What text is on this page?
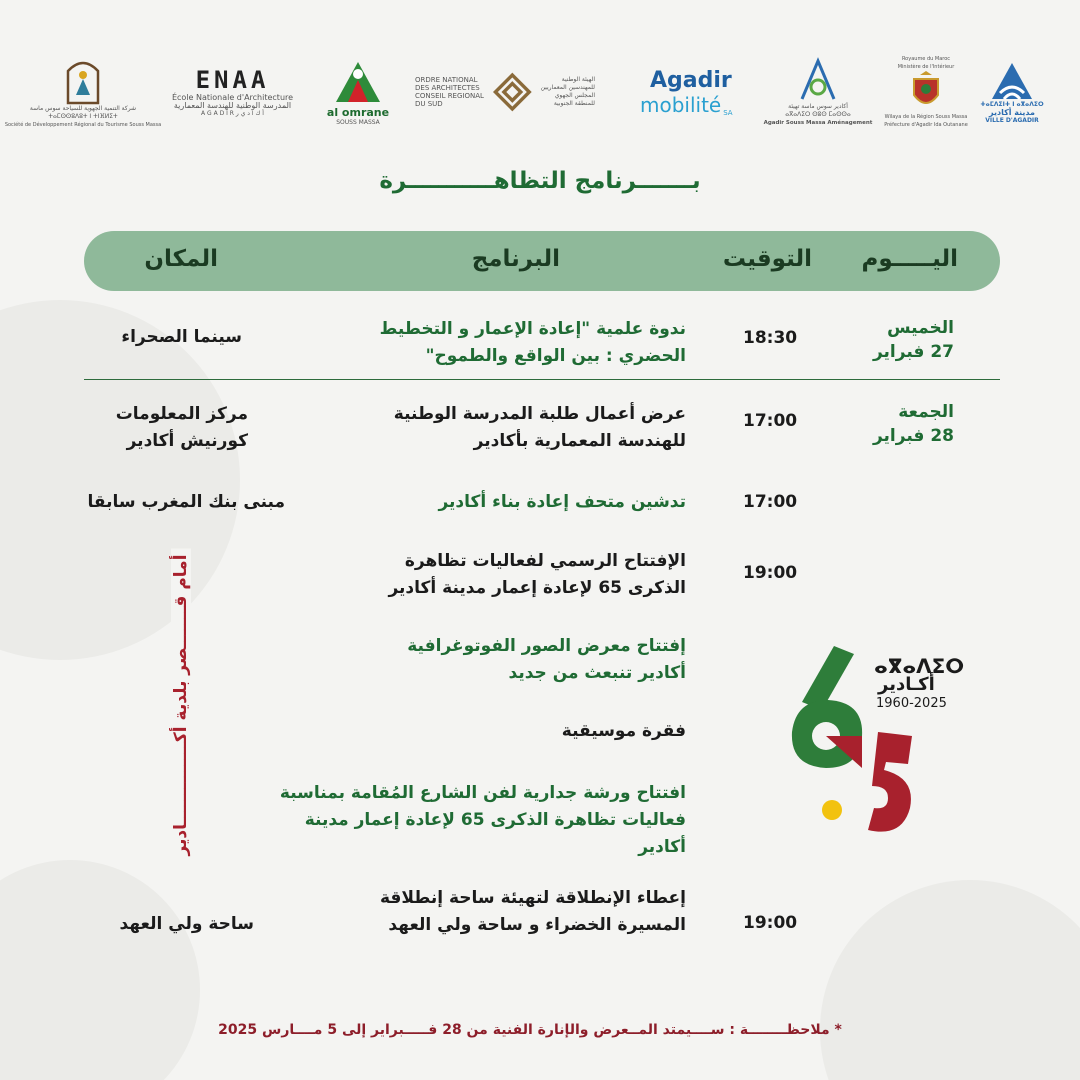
شركة التنمية الجهوية للسياحة سوس ماسة
ⵜⴰⵎⵙⵙⵓⴷⵓⵜ ⵏ ⵜⵏⴼⵍⵉⵜ
Société de Développement Régional du Tourisme Souss Massa
ENAA
École Nationale d'Architecture
المدرسة الوطنية للهندسة المعمارية
A G A D I R أ ك ا د ي ر	al omrane
SOUSS MASSA
ORDRE NATIONAL
DES ARCHITECTES
CONSEIL REGIONAL
DU SUD
الهيئة الوطنية
للمهندسين المعماريين
المجلس الجهوي
للمنطقة الجنوبية
Agadir
mobilité SA
أكادير سوس ماسة تهيئة
ⴰⴳⴰⴷⵉⵔ ⵙⵓⵙ ⵎⴰⵙⵙⴰ
Agadir Souss Massa Aménagement
Royaume du Maroc
Ministère de l'Intérieur
Wilaya de la Région Souss Massa
Préfecture d'Agadir Ida Outanane
ⵜⴰⵎⴷⵉⵏⵜ ⵏ ⴰⴳⴰⴷⵉⵔ
مدينة أكادير
VILLE D'AGADIR
بـــــــرنامج التظاهـــــــــــرة
اليـــــوم
التوقيت
البرنامج
المكان
الخميس
27 فبراير
18:30
ندوة علمية "إعادة الإعمار و التخطيط
الحضري : بين الواقع والطموح"
سينما الصحراء
الجمعة
28 فبراير
17:00
عرض أعمال طلبة المدرسة الوطنية
للهندسة المعمارية بأكادير
مركز المعلومات
كورنيش أكادير
17:00
تدشين متحف إعادة بناء أكادير
مبنى بنك المغرب سابقا
19:00
الإفتتاح الرسمي لفعاليات تظاهرة
الذكرى 65 لإعادة إعمار مدينة أكادير
إفتتاح معرض الصور الفوتوغرافية
أكادير تنبعث من جديد
فقرة موسيقية
افتتاح ورشة جدارية لفن الشارع المُقامة بمناسبة
فعاليات تظاهرة الذكرى 65 لإعادة إعمار مدينة
أكادير
19:00
إعطاء الإنطلاقة لتهيئة ساحة إنطلاقة
المسيرة الخضراء و ساحة ولي العهد
ساحة ولي العهد
أمام قـــــــصر بلدية أكــــــــــــــادير	ⴰⴳⴰⴷⵉⵔ
أكـادير
1960-2025
* ملاحظــــــــة : ســــيمتد المــعرض والإنارة الفنية من 28 فـــــبراير إلى 5 مــــارس 2025
